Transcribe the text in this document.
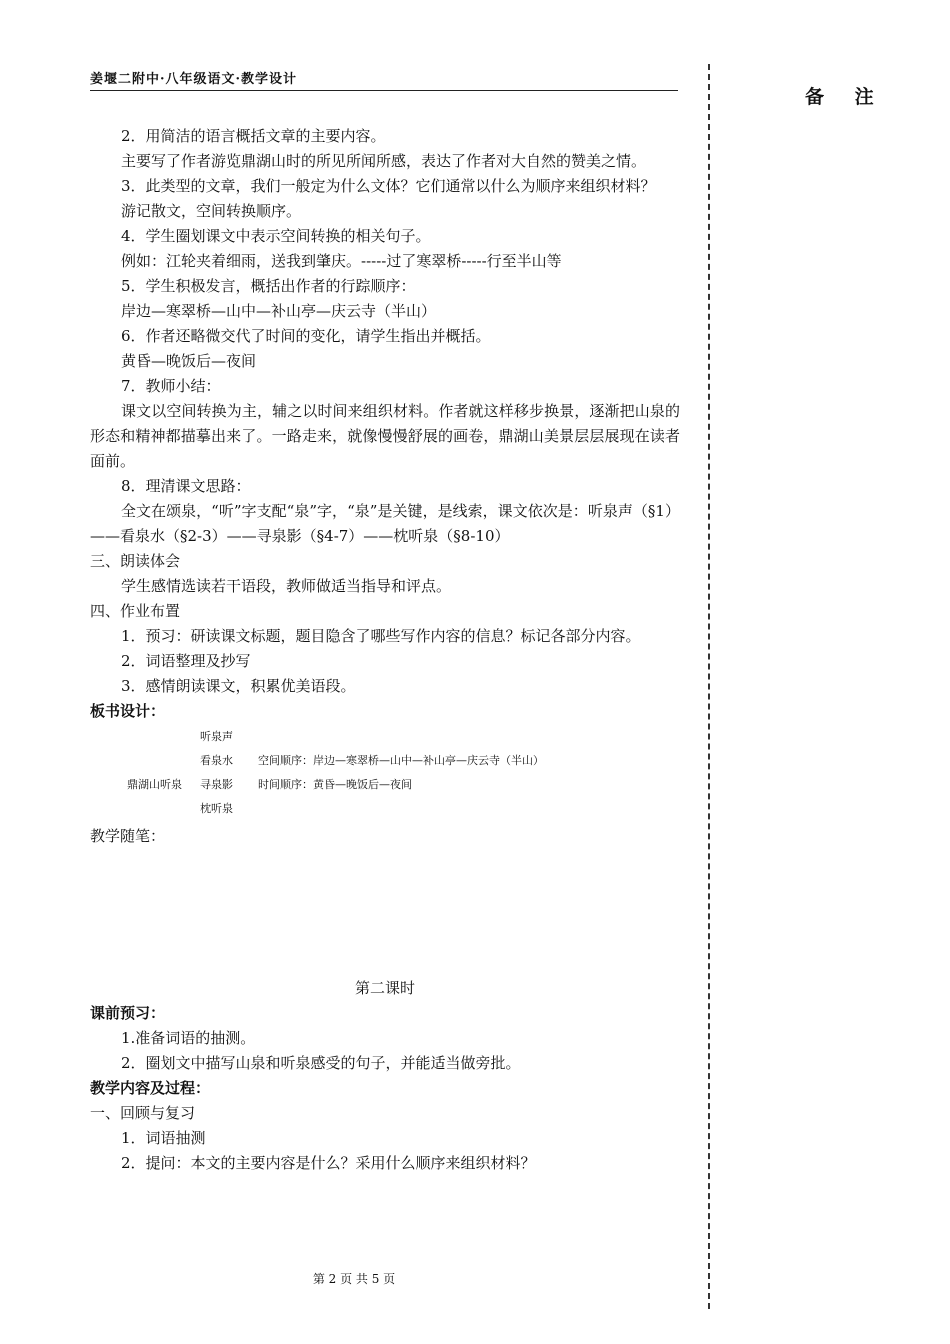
姜堰二附中·八年级语文·教学设计
备 注

2．用简洁的语言概括文章的主要内容。

主要写了作者游览鼎湖山时的所见所闻所感，表达了作者对大自然的赞美之情。

3．此类型的文章，我们一般定为什么文体？它们通常以什么为顺序来组织材料？

游记散文，空间转换顺序。

4．学生圈划课文中表示空间转换的相关句子。

例如：江轮夹着细雨，送我到肇庆。-----过了寒翠桥-----行至半山等

5．学生积极发言，概括出作者的行踪顺序：

岸边—寒翠桥—山中—补山亭—庆云寺（半山）

6．作者还略微交代了时间的变化，请学生指出并概括。

黄昏—晚饭后—夜间

7．教师小结：

课文以空间转换为主，辅之以时间来组织材料。作者就这样移步换景，逐渐把山泉的形态和精神都描摹出来了。一路走来，就像慢慢舒展的画卷，鼎湖山美景层层展现在读者面前。

8．理清课文思路：

全文在颂泉，“听”字支配“泉”字，“泉”是关键，是线索，课文依次是：听泉声（§1）——看泉水（§2-3）——寻泉影（§4-7）——枕听泉（§8-10）

三、朗读体会

学生感情选读若干语段，教师做适当指导和评点。

四、作业布置

1．预习：研读课文标题，题目隐含了哪些写作内容的信息？标记各部分内容。

2．词语整理及抄写

3．感情朗读课文，积累优美语段。

板书设计：

听泉声
看泉水 空间顺序：岸边—寒翠桥—山中—补山亭—庆云寺（半山）
鼎湖山听泉 寻泉影 时间顺序：黄昏—晚饭后—夜间
枕听泉

教学随笔：

第二课时

课前预习：

1.准备词语的抽测。

2．圈划文中描写山泉和听泉感受的句子，并能适当做旁批。

教学内容及过程：

一、回顾与复习

1．词语抽测

2．提问：本文的主要内容是什么？采用什么顺序来组织材料？

第 2 页 共 5 页
